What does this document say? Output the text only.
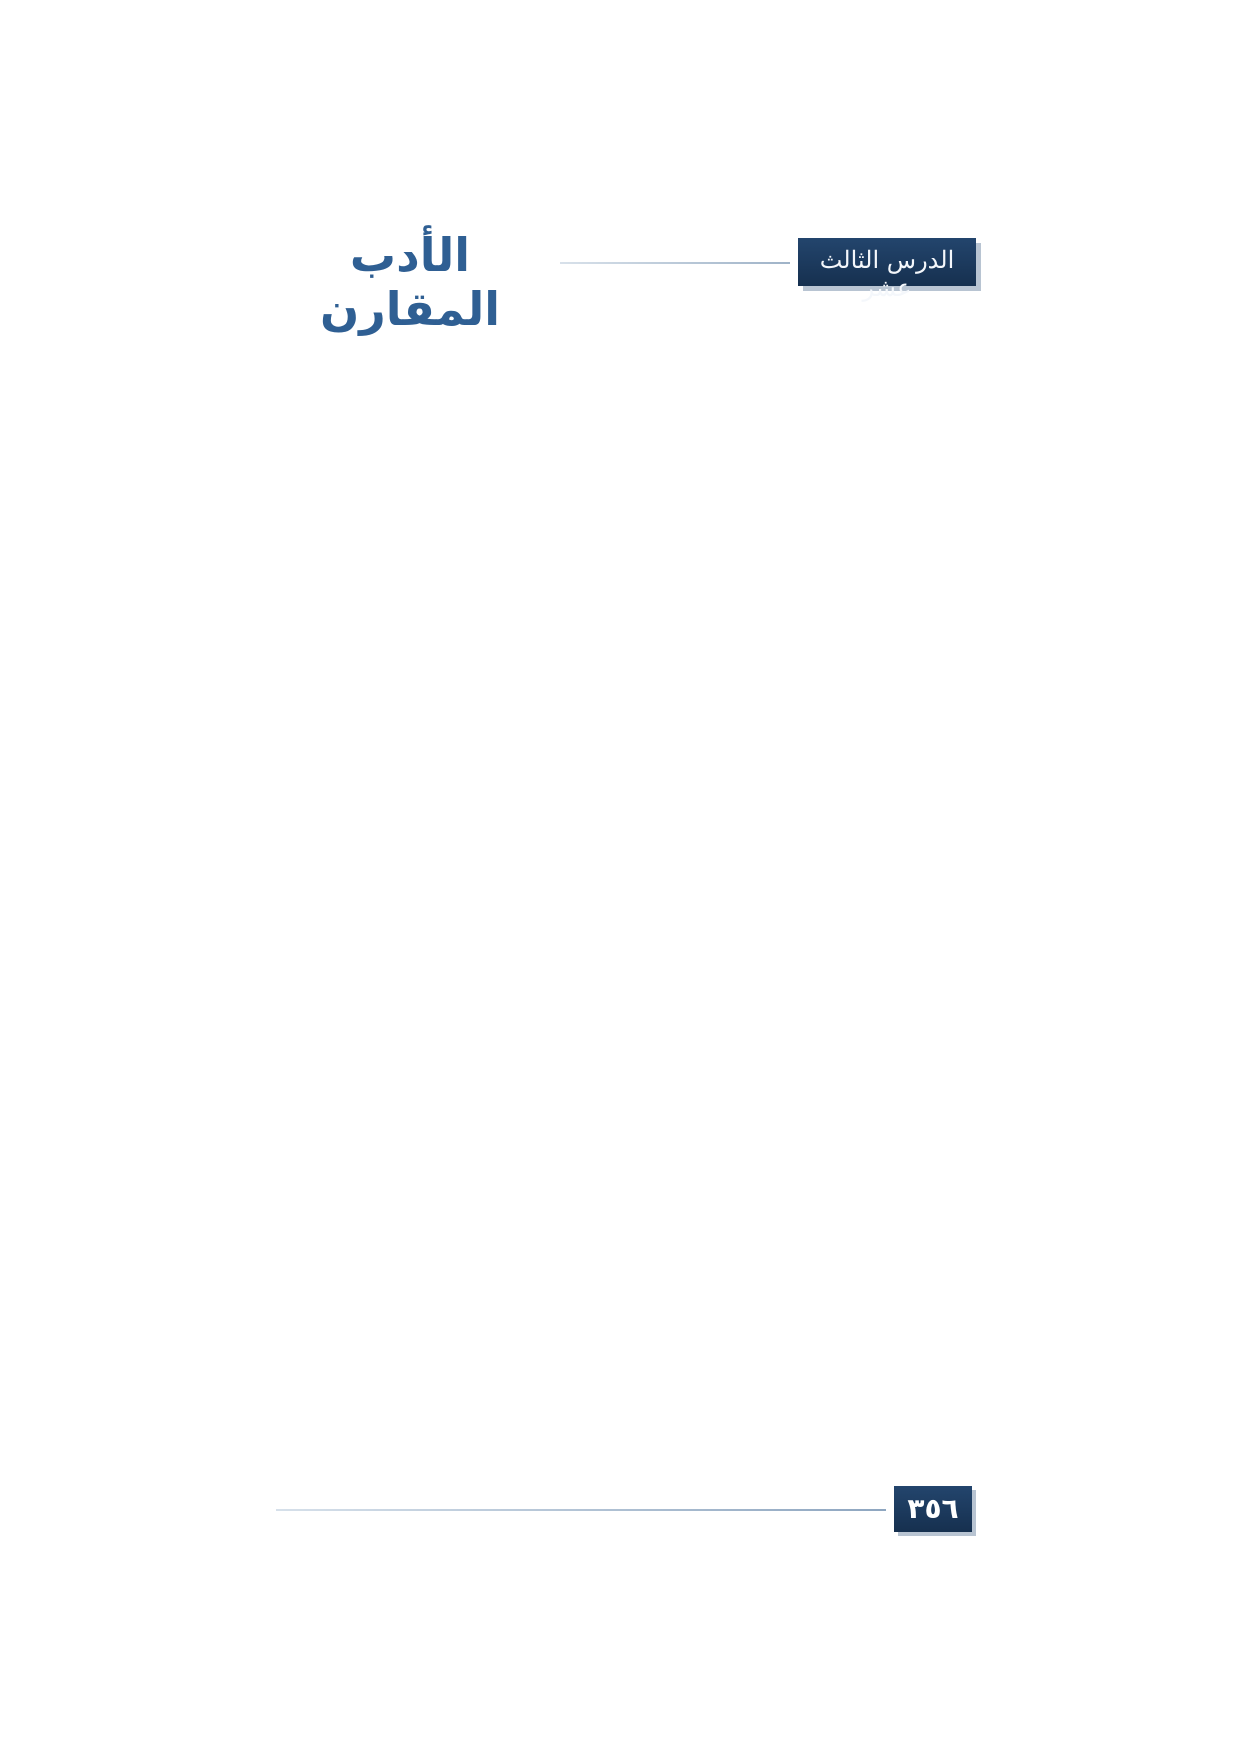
الأدب المقارن
الدرس الثالث عشر

٣٥٦
